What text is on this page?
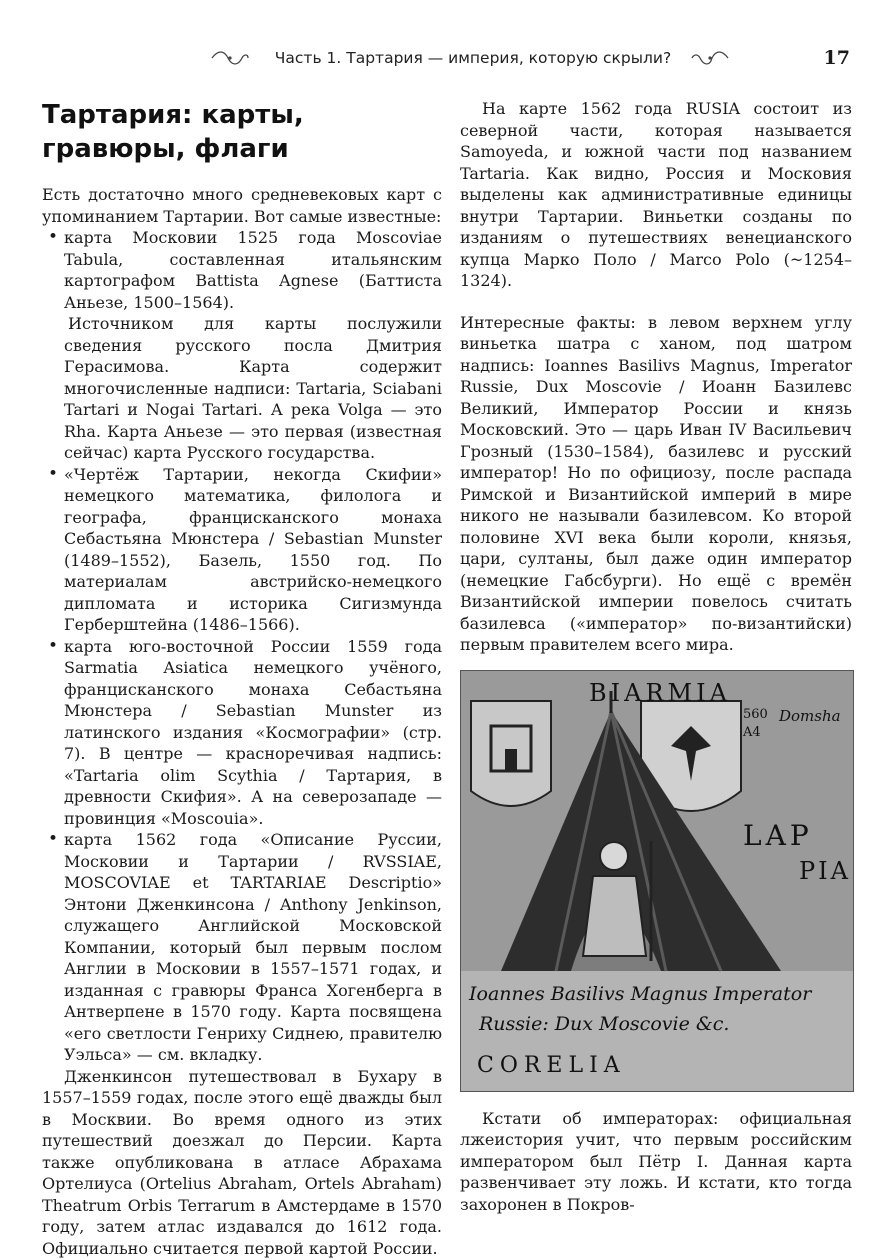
Часть 1. Тартария — империя, которую скрыли?	17
Тартария: карты, гравюры, флаги

Есть достаточно много средневековых карт с упоминанием Тартарии. Вот самые известные:

• карта Московии 1525 года Moscoviae Tabula, составленная итальянским картографом Battista Agnese (Баттиста Аньезе, 1500–1564).
Источником для карты послужили сведения русского посла Дмитрия Герасимова. Карта содержит многочисленные надписи: Tartaria, Sciabani Tartari и Nogai Tartari. А река Volga — это Rha. Карта Аньезе — это первая (известная сейчас) карта Русского государства.
• «Чертёж Тартарии, некогда Скифии» немецкого математика, филолога и географа, францисканского монаха Себастьяна Мюнстера / Sebastian Munster (1489–1552), Базель, 1550 год. По материалам австрийско-немецкого дипломата и историка Сигизмунда Герберштейна (1486–1566).
• карта юго-восточной России 1559 года Sarmatia Asiatica немецкого учёного, францисканского монаха Себастьяна Мюнстера / Sebastian Munster из латинского издания «Космографии» (стр. 7). В центре — красноречивая надпись: «Tartaria olim Scythia / Тартария, в древности Скифия». А на северозападе — провинция «Moscouia».
• карта 1562 года «Описание Руссии, Московии и Тартарии / RVSSIAE, MOSCOVIAE et TARTARIAE Descriptio» Энтони Дженкинсона / Anthony Jenkinson, служащего Английской Московской Компании, который был первым послом Англии в Московии в 1557–1571 годах, и изданная с гравюры Франса Хогенберга в Антверпене в 1570 году. Карта посвящена «его светлости Генриху Сиднею, правителю Уэльса» — см. вкладку.

Дженкинсон путешествовал в Бухару в 1557–1559 годах, после этого ещё дважды был в Москвии. Во время одного из этих путешествий доезжал до Персии. Карта также опубликована в атласе Абрахама Ортелиуса (Ortelius Abraham, Ortels Abraham) Theatrum Orbis Terrarum в Амстердаме в 1570 году, затем атлас издавался до 1612 года. Официально считается первой картой России.

На карте 1562 года RUSIA состоит из северной части, которая называется Samoyeda, и южной части под названием Tartaria. Как видно, Россия и Московия выделены как административные единицы внутри Тартарии. Виньетки созданы по изданиям о путешествиях венецианского купца Марко Поло / Marco Polo (~1254–1324).

Интересные факты: в левом верхнем углу виньетка шатра с ханом, под шатром надпись: Ioannes Basilivs Magnus, Imperator Russie, Dux Moscovie / Иоанн Базилевс Великий, Император России и князь Московский. Это — царь Иван IV Васильевич Грозный (1530–1584), базилевс и русский император! Но по официозу, после распада Римской и Византийской империй в мире никого не называли базилевсом. Ко второй половине XVI века были короли, князья, цари, султаны, был даже один император (немецкие Габсбурги). Но ещё с времён Византийской империи повелось считать базилевса («император» по-византийски) первым правителем всего мира.

BIARMIA
560
A4
Domsha
LAP
PIA
Ioannes Basilivs Magnus Imperator
Russie: Dux Moscovie &c.
CORELIA

Кстати об императорах: официальная лжеистория учит, что первым российским императором был Пётр I. Данная карта развенчивает эту ложь. И кстати, кто тогда захоронен в Покров-
